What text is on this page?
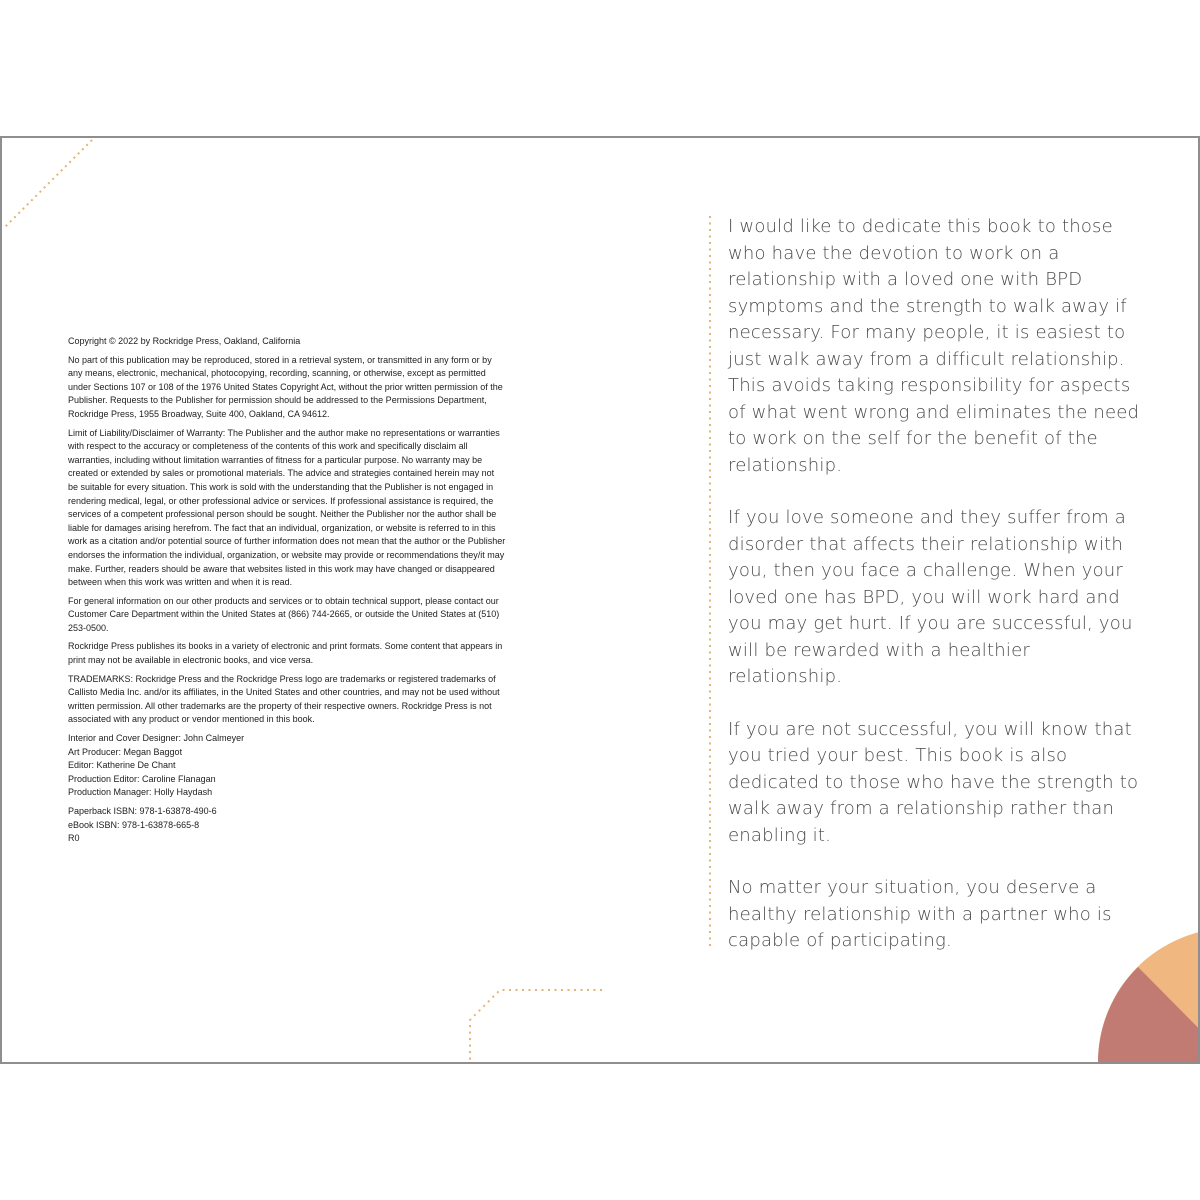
Copyright © 2022 by Rockridge Press, Oakland, California

No part of this publication may be reproduced, stored in a retrieval system, or transmitted in any form or by any means, electronic, mechanical, photocopying, recording, scanning, or otherwise, except as permitted under Sections 107 or 108 of the 1976 United States Copyright Act, without the prior written permission of the Publisher. Requests to the Publisher for permission should be addressed to the Permissions Department, Rockridge Press, 1955 Broadway, Suite 400, Oakland, CA 94612.

Limit of Liability/Disclaimer of Warranty: The Publisher and the author make no representations or warranties with respect to the accuracy or completeness of the contents of this work and specifically disclaim all warranties, including without limitation warranties of fitness for a particular purpose. No warranty may be created or extended by sales or promotional materials. The advice and strategies contained herein may not be suitable for every situation. This work is sold with the understanding that the Publisher is not engaged in rendering medical, legal, or other professional advice or services. If professional assistance is required, the services of a competent professional person should be sought. Neither the Publisher nor the author shall be liable for damages arising herefrom. The fact that an individual, organization, or website is referred to in this work as a citation and/or potential source of further information does not mean that the author or the Publisher endorses the information the individual, organization, or website may provide or recommendations they/it may make. Further, readers should be aware that websites listed in this work may have changed or disappeared between when this work was written and when it is read.

For general information on our other products and services or to obtain technical support, please contact our Customer Care Department within the United States at (866) 744-2665, or outside the United States at (510) 253-0500.

Rockridge Press publishes its books in a variety of electronic and print formats. Some content that appears in print may not be available in electronic books, and vice versa.

TRADEMARKS: Rockridge Press and the Rockridge Press logo are trademarks or registered trademarks of Callisto Media Inc. and/or its affiliates, in the United States and other countries, and may not be used without written permission. All other trademarks are the property of their respective owners. Rockridge Press is not associated with any product or vendor mentioned in this book.

Interior and Cover Designer: John Calmeyer
Art Producer: Megan Baggot
Editor: Katherine De Chant
Production Editor: Caroline Flanagan
Production Manager: Holly Haydash

Paperback ISBN: 978-1-63878-490-6
eBook ISBN: 978-1-63878-665-8
R0

I would like to dedicate this book to those who have the devotion to work on a relationship with a loved one with BPD symptoms and the strength to walk away if necessary. For many people, it is easiest to just walk away from a difficult relationship. This avoids taking responsibility for aspects of what went wrong and eliminates the need to work on the self for the benefit of the relationship.

If you love someone and they suffer from a disorder that affects their relationship with you, then you face a challenge. When your loved one has BPD, you will work hard and you may get hurt. If you are successful, you will be rewarded with a healthier relationship.

If you are not successful, you will know that you tried your best. This book is also dedicated to those who have the strength to walk away from a relationship rather than enabling it.

No matter your situation, you deserve a healthy relationship with a partner who is capable of participating.
